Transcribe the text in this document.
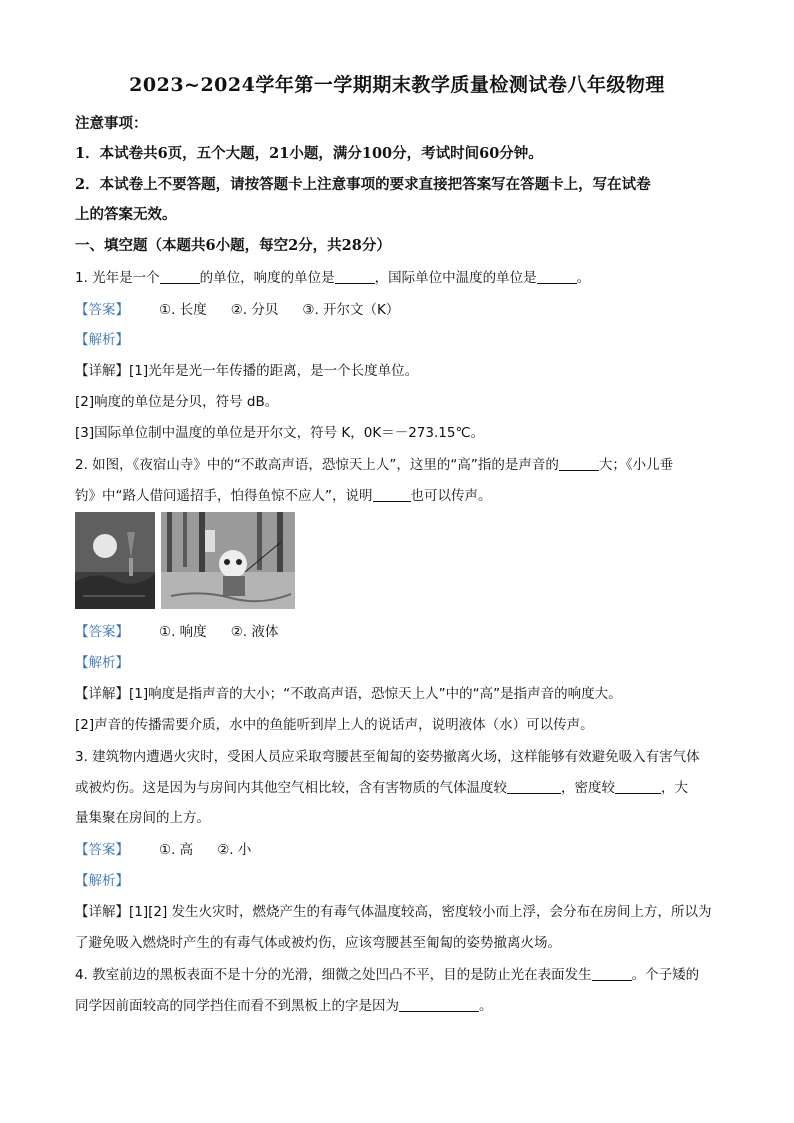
2023~2024学年第一学期期末教学质量检测试卷八年级物理
注意事项：
1．本试卷共6页，五个大题，21小题，满分100分，考试时间60分钟。
2．本试卷上不要答题，请按答题卡上注意事项的要求直接把答案写在答题卡上，写在试卷
上的答案无效。
一、填空题（本题共6小题，每空2分，共28分）
1. 光年是一个	的单位，响度的单位是	，国际单位中温度的单位是	。
【答案】 ①. 长度 ②. 分贝 ③. 开尔文（K）
【解析】
【详解】[1]光年是光一年传播的距离，是一个长度单位。
[2]响度的单位是分贝，符号 dB。
[3]国际单位制中温度的单位是开尔文，符号 K，0K＝－273.15℃。
2. 如图，《夜宿山寺》中的“不敢高声语，恐惊天上人”，这里的“高”指的是声音的	大；《小儿垂
钓》中“路人借问遥招手，怕得鱼惊不应人”，说明	也可以传声。
【答案】 ①. 响度 ②. 液体
【解析】
【详解】[1]响度是指声音的大小；“不敢高声语，恐惊天上人”中的“高”是指声音的响度大。
[2]声音的传播需要介质，水中的鱼能听到岸上人的说话声，说明液体（水）可以传声。
3. 建筑物内遭遇火灾时，受困人员应采取弯腰甚至匍匐的姿势撤离火场，这样能够有效避免吸入有害气体
或被灼伤。这是因为与房间内其他空气相比较，含有害物质的气体温度较	，密度较	，大
量集聚在房间的上方。
【答案】 ①. 高 ②. 小
【解析】
【详解】[1][2] 发生火灾时，燃烧产生的有毒气体温度较高，密度较小而上浮，会分布在房间上方，所以为
了避免吸入燃烧时产生的有毒气体或被灼伤，应该弯腰甚至匍匐的姿势撤离火场。
4. 教室前边的黑板表面不是十分的光滑，细微之处凹凸不平，目的是防止光在表面发生	。个子矮的
同学因前面较高的同学挡住而看不到黑板上的字是因为	。
